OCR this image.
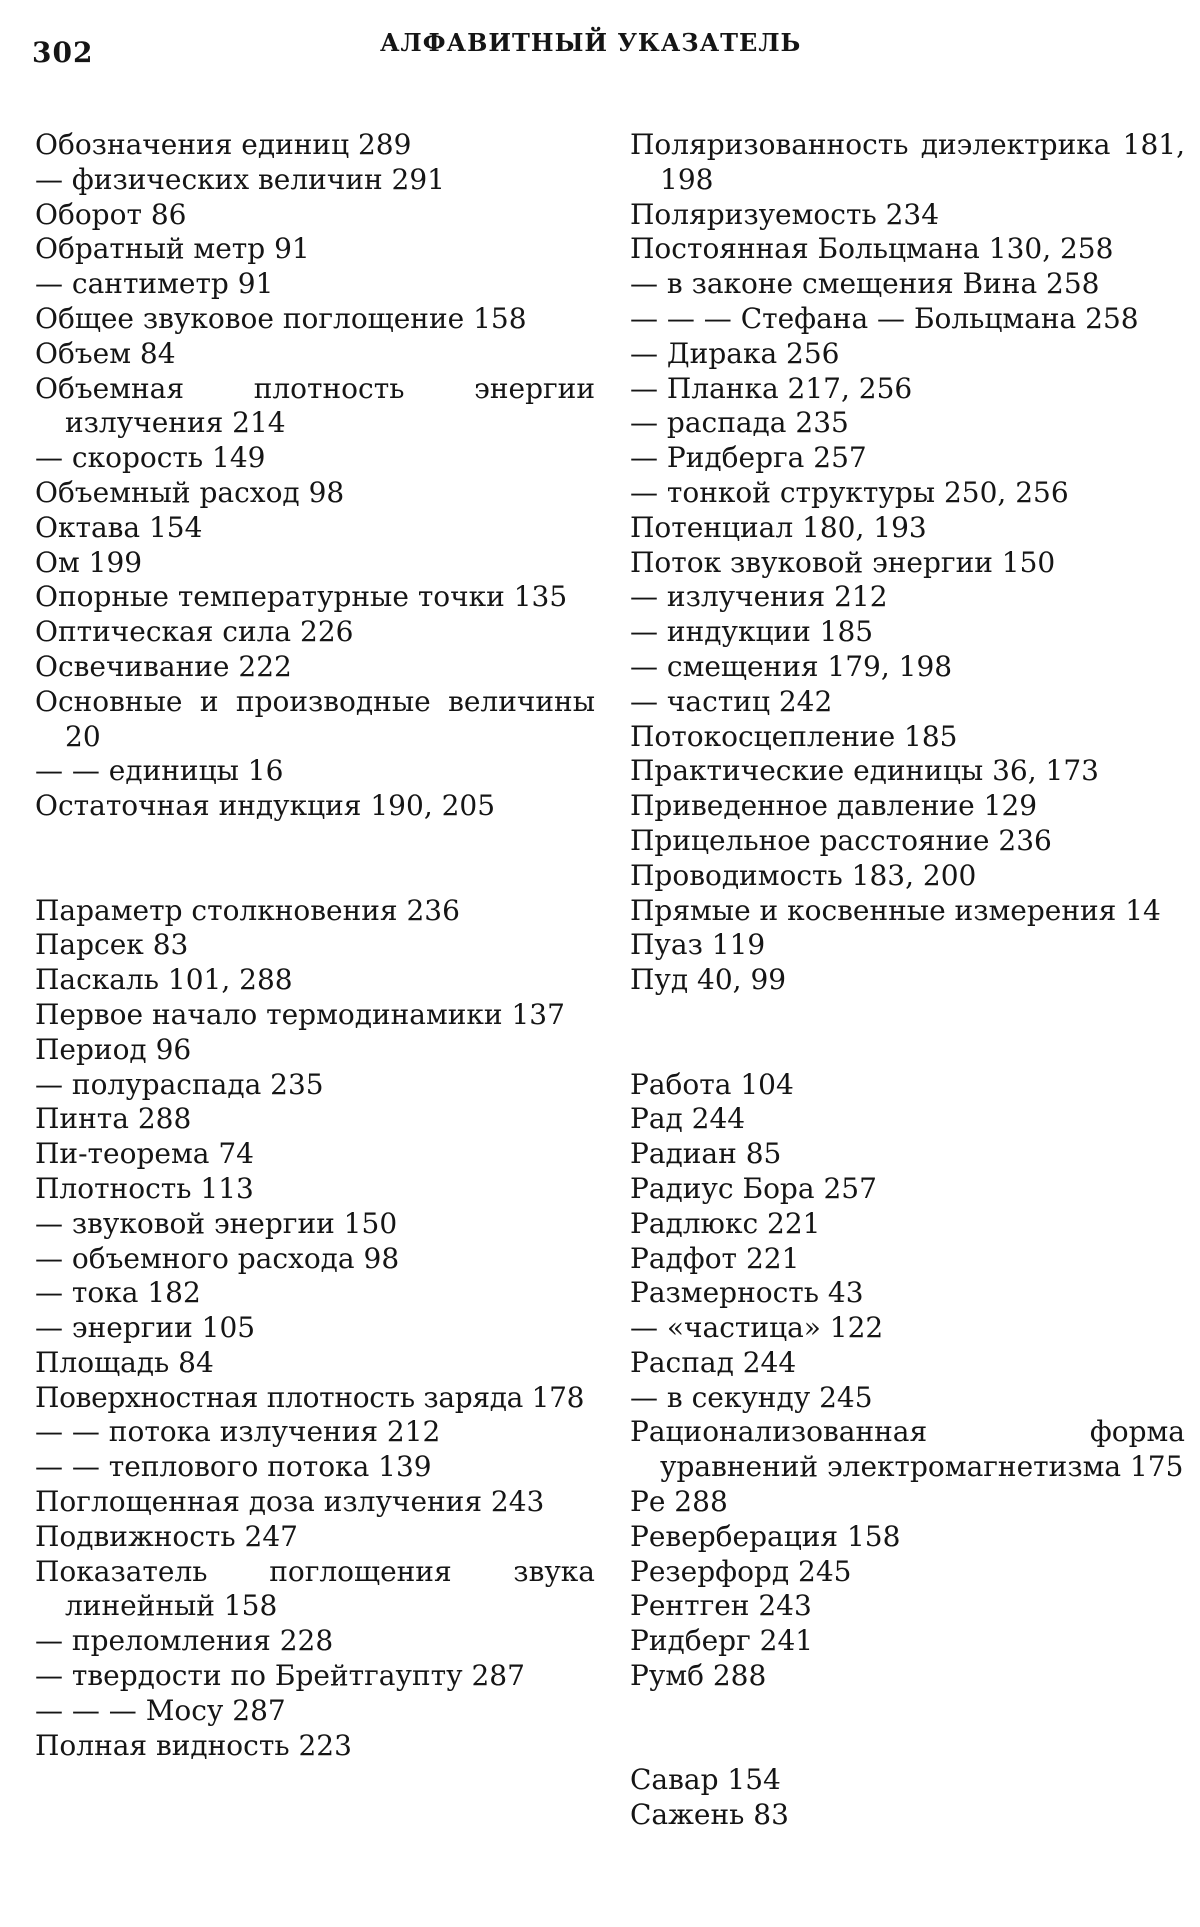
302	АЛФАВИТНЫЙ УКАЗАТЕЛЬ
Обозначения единиц 289
— физических величин 291
Оборот 86
Обратный метр 91
— сантиметр 91
Общее звуковое поглощение 158
Объем 84
Объемная плотность энергии излучения 214
— скорость 149
Объемный расход 98
Октава 154
Ом 199
Опорные температурные точки 135
Оптическая сила 226
Освечивание 222
Основные и производные величины 20
— — единицы 16
Остаточная индукция 190, 205
Параметр столкновения 236
Парсек 83
Паскаль 101, 288
Первое начало термодинамики 137
Период 96
— полураспада 235
Пинта 288
Пи-теорема 74
Плотность 113
— звуковой энергии 150
— объемного расхода 98
— тока 182
— энергии 105
Площадь 84
Поверхностная плотность заряда 178
— — потока излучения 212
— — теплового потока 139
Поглощенная доза излучения 243
Подвижность 247
Показатель поглощения звука линейный 158
— преломления 228
— твердости по Брейтгаупту 287
— — — Мосу 287
Полная видность 223
Поляризованность диэлектрика 181, 198
Поляризуемость 234
Постоянная Больцмана 130, 258
— в законе смещения Вина 258
— — — Стефана — Больцмана 258
— Дирака 256
— Планка 217, 256
— распада 235
— Ридберга 257
— тонкой структуры 250, 256
Потенциал 180, 193
Поток звуковой энергии 150
— излучения 212
— индукции 185
— смещения 179, 198
— частиц 242
Потокосцепление 185
Практические единицы 36, 173
Приведенное давление 129
Прицельное расстояние 236
Проводимость 183, 200
Прямые и косвенные измерения 14
Пуаз 119
Пуд 40, 99
Работа 104
Рад 244
Радиан 85
Радиус Бора 257
Радлюкс 221
Радфот 221
Размерность 43
— «частица» 122
Распад 244
— в секунду 245
Рационализованная форма уравнений электромагнетизма 175
Ре 288
Реверберация 158
Резерфорд 245
Рентген 243
Ридберг 241
Румб 288
Савар 154
Сажень 83
